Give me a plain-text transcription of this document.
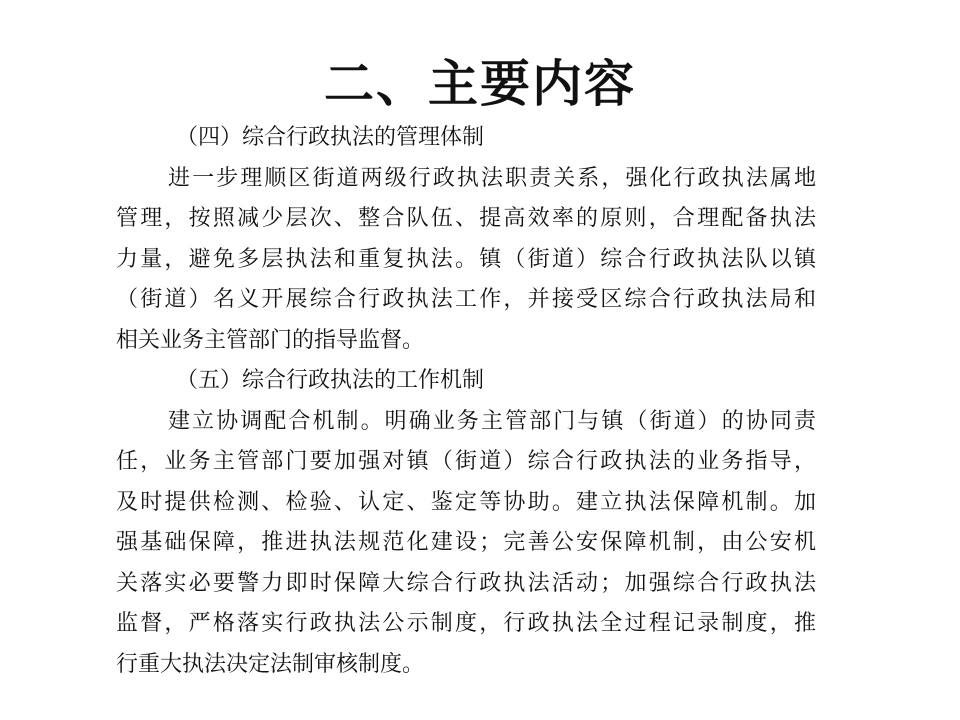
二、主要内容
（四）综合行政执法的管理体制
进一步理顺区街道两级行政执法职责关系，强化行政执法属地
管理，按照减少层次、整合队伍、提高效率的原则，合理配备执法
力量，避免多层执法和重复执法。镇（街道）综合行政执法队以镇
（街道）名义开展综合行政执法工作，并接受区综合行政执法局和
相关业务主管部门的指导监督。
（五）综合行政执法的工作机制
建立协调配合机制。明确业务主管部门与镇（街道）的协同责
任，业务主管部门要加强对镇（街道）综合行政执法的业务指导，
及时提供检测、检验、认定、鉴定等协助。建立执法保障机制。加
强基础保障，推进执法规范化建设；完善公安保障机制，由公安机
关落实必要警力即时保障大综合行政执法活动；加强综合行政执法
监督，严格落实行政执法公示制度，行政执法全过程记录制度，推
行重大执法决定法制审核制度。
